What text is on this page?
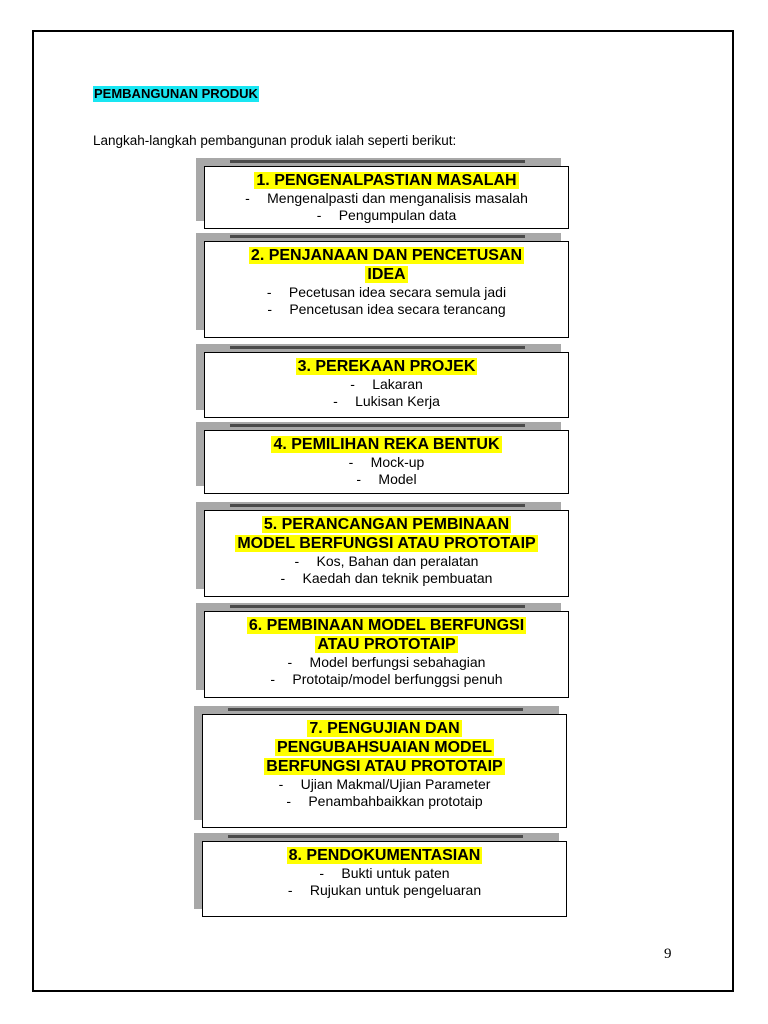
PEMBANGUNAN PRODUK
Langkah-langkah pembangunan produk ialah seperti berikut:
1. PENGENALPASTIAN MASALAH
- Mengenalpasti dan menganalisis masalah
- Pengumpulan data
2. PENJANAAN DAN PENCETUSAN
IDEA
- Pecetusan idea secara semula jadi
- Pencetusan idea secara terancang
3. PEREKAAN PROJEK
- Lakaran
- Lukisan Kerja
4. PEMILIHAN REKA BENTUK
- Mock-up
- Model
5. PERANCANGAN PEMBINAAN
MODEL BERFUNGSI ATAU PROTOTAIP
- Kos, Bahan dan peralatan
- Kaedah dan teknik pembuatan
6. PEMBINAAN MODEL BERFUNGSI
ATAU PROTOTAIP
- Model berfungsi sebahagian
- Prototaip/model berfunggsi penuh
7. PENGUJIAN DAN
PENGUBAHSUAIAN MODEL
BERFUNGSI ATAU PROTOTAIP
- Ujian Makmal/Ujian Parameter
- Penambahbaikkan prototaip
8. PENDOKUMENTASIAN
- Bukti untuk paten
- Rujukan untuk pengeluaran
9
